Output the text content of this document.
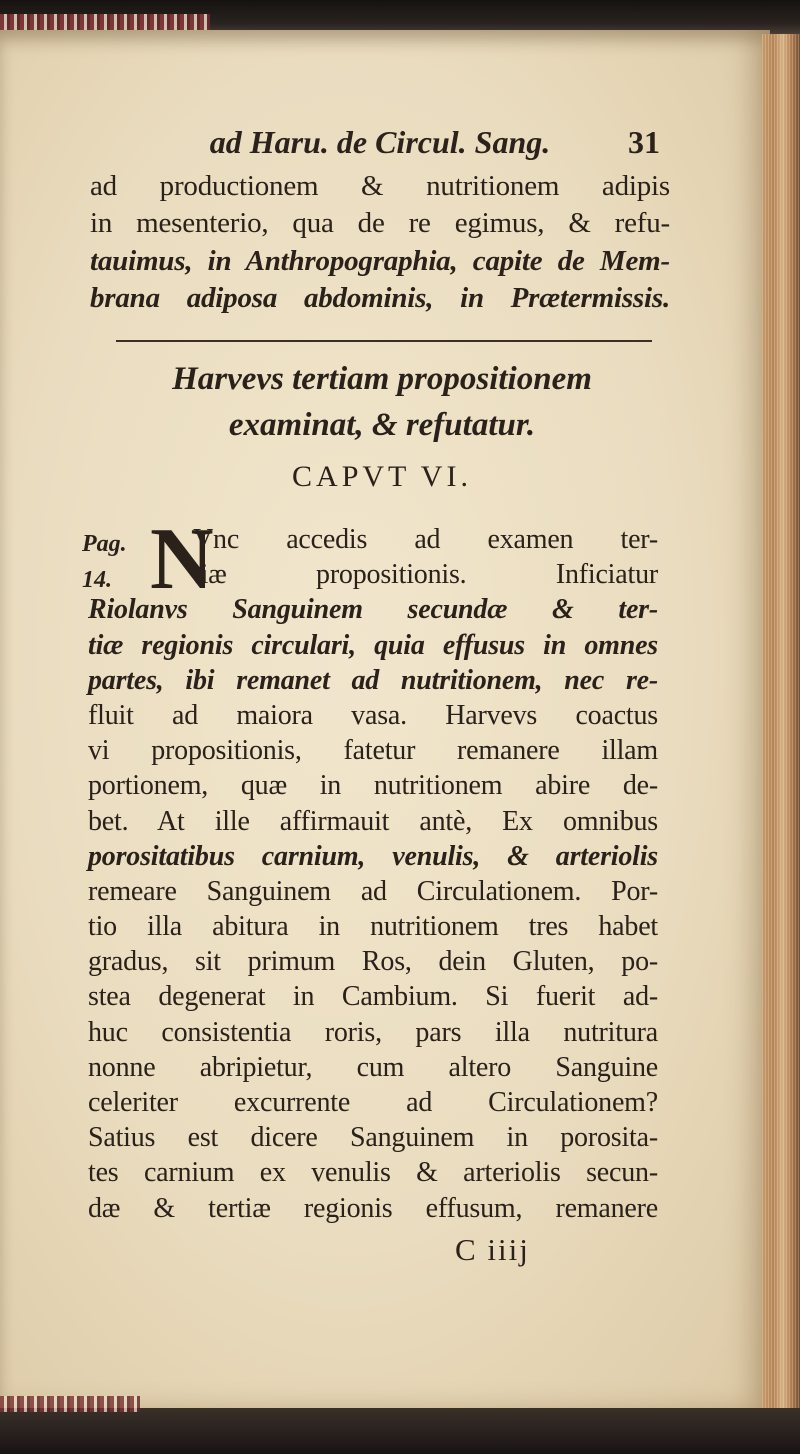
ad Haru. de Circul. Sang. 31
ad productionem & nutritionem adipis
in mesenterio, qua de re egimus, & refu-
tauimus, in Anthropographia, capite de Mem-
brana adiposa abdominis, in Prætermissis.
Harvevs tertiam propositionem
examinat, & refutatur.
CAPVT VI.
Pag.
14. N
Vnc accedis ad examen ter-
tiæ propositionis. Inficiatur
Riolanvs Sanguinem secundæ & ter-
tiæ regionis circulari, quia effusus in omnes
partes, ibi remanet ad nutritionem, nec re-
fluit ad maiora vasa. Harvevs coactus
vi propositionis, fatetur remanere illam
portionem, quæ in nutritionem abire de-
bet. At ille affirmauit antè, Ex omnibus
porositatibus carnium, venulis, & arteriolis
remeare Sanguinem ad Circulationem. Por-
tio illa abitura in nutritionem tres habet
gradus, sit primum Ros, dein Gluten, po-
stea degenerat in Cambium. Si fuerit ad-
huc consistentia roris, pars illa nutritura
nonne abripietur, cum altero Sanguine
celeriter excurrente ad Circulationem?
Satius est dicere Sanguinem in porosita-
tes carnium ex venulis & arteriolis secun-
dæ & tertiæ regionis effusum, remanere
C iiij
